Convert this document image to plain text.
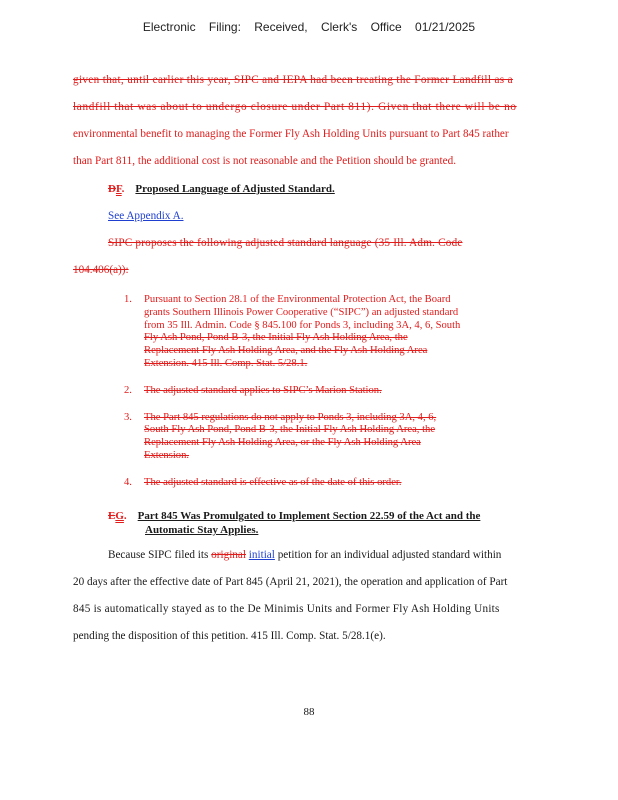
Electronic Filing: Received, Clerk's Office 01/21/2025
given that, until earlier this year, SIPC and IEPA had been treating the Former Landfill as a
landfill that was about to undergo closure under Part 811). Given that there will be no
environmental benefit to managing the Former Fly Ash Holding Units pursuant to Part 845 rather
than Part 811, the additional cost is not reasonable and the Petition should be granted.
DF. Proposed Language of Adjusted Standard.
See Appendix A.
SIPC proposes the following adjusted standard language (35 Ill. Adm. Code
104.406(a)):
1. Pursuant to Section 28.1 of the Environmental Protection Act, the Board
grants Southern Illinois Power Cooperative (“SIPC”) an adjusted standard
from 35 Ill. Admin. Code § 845.100 for Ponds 3, including 3A, 4, 6, South
Fly Ash Pond, Pond B-3, the Initial Fly Ash Holding Area, the
Replacement Fly Ash Holding Area, and the Fly Ash Holding Area
Extension. 415 Ill. Comp. Stat. 5/28.1.
2. The adjusted standard applies to SIPC’s Marion Station.
3. The Part 845 regulations do not apply to Ponds 3, including 3A, 4, 6,
South Fly Ash Pond, Pond B-3, the Initial Fly Ash Holding Area, the
Replacement Fly Ash Holding Area, or the Fly Ash Holding Area
Extension.
4. The adjusted standard is effective as of the date of this order.
EG. Part 845 Was Promulgated to Implement Section 22.59 of the Act and the
Automatic Stay Applies.
Because SIPC filed its original initial petition for an individual adjusted standard within
20 days after the effective date of Part 845 (April 21, 2021), the operation and application of Part
845 is automatically stayed as to the De Minimis Units and Former Fly Ash Holding Units
pending the disposition of this petition. 415 Ill. Comp. Stat. 5/28.1(e).
88
